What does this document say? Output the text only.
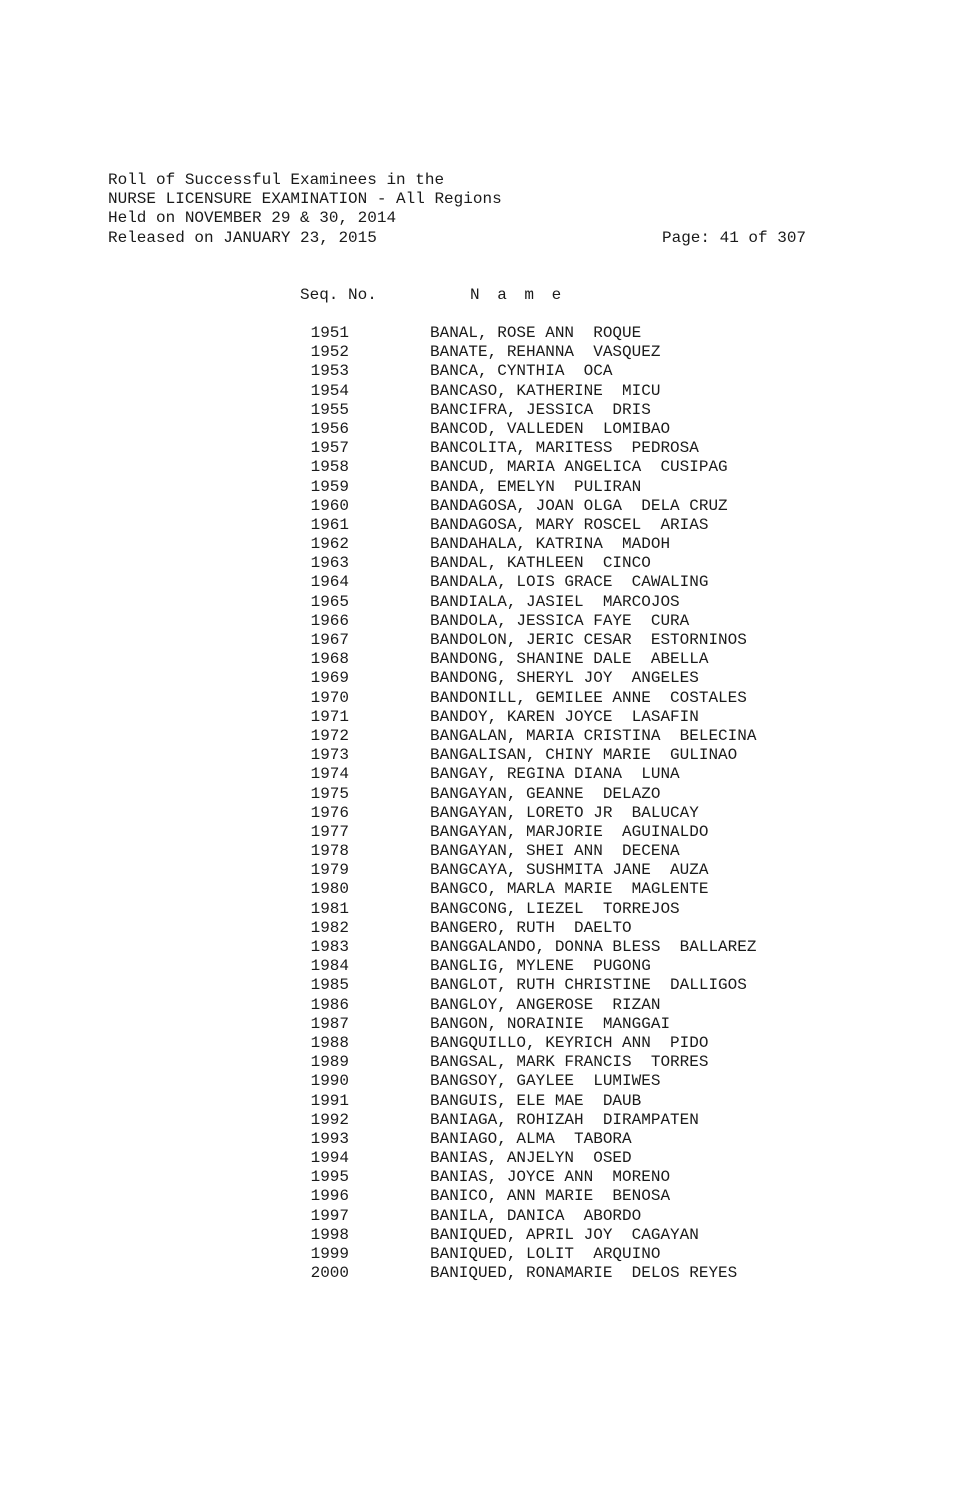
Roll of Successful Examinees in the
NURSE LICENSURE EXAMINATION - All Regions
Held on NOVEMBER 29 & 30, 2014
Released on JANUARY 23, 2015	Page: 41 of 307
Seq. No.	N a m e
1951	BANAL, ROSE ANN  ROQUE
1952	BANATE, REHANNA  VASQUEZ
1953	BANCA, CYNTHIA  OCA
1954	BANCASO, KATHERINE  MICU
1955	BANCIFRA, JESSICA  DRIS
1956	BANCOD, VALLEDEN  LOMIBAO
1957	BANCOLITA, MARITESS  PEDROSA
1958	BANCUD, MARIA ANGELICA  CUSIPAG
1959	BANDA, EMELYN  PULIRAN
1960	BANDAGOSA, JOAN OLGA  DELA CRUZ
1961	BANDAGOSA, MARY ROSCEL  ARIAS
1962	BANDAHALA, KATRINA  MADOH
1963	BANDAL, KATHLEEN  CINCO
1964	BANDALA, LOIS GRACE  CAWALING
1965	BANDIALA, JASIEL  MARCOJOS
1966	BANDOLA, JESSICA FAYE  CURA
1967	BANDOLON, JERIC CESAR  ESTORNINOS
1968	BANDONG, SHANINE DALE  ABELLA
1969	BANDONG, SHERYL JOY  ANGELES
1970	BANDONILL, GEMILEE ANNE  COSTALES
1971	BANDOY, KAREN JOYCE  LASAFIN
1972	BANGALAN, MARIA CRISTINA  BELECINA
1973	BANGALISAN, CHINY MARIE  GULINAO
1974	BANGAY, REGINA DIANA  LUNA
1975	BANGAYAN, GEANNE  DELAZO
1976	BANGAYAN, LORETO JR  BALUCAY
1977	BANGAYAN, MARJORIE  AGUINALDO
1978	BANGAYAN, SHEI ANN  DECENA
1979	BANGCAYA, SUSHMITA JANE  AUZA
1980	BANGCO, MARLA MARIE  MAGLENTE
1981	BANGCONG, LIEZEL  TORREJOS
1982	BANGERO, RUTH  DAELTO
1983	BANGGALANDO, DONNA BLESS  BALLAREZ
1984	BANGLIG, MYLENE  PUGONG
1985	BANGLOT, RUTH CHRISTINE  DALLIGOS
1986	BANGLOY, ANGEROSE  RIZAN
1987	BANGON, NORAINIE  MANGGAI
1988	BANGQUILLO, KEYRICH ANN  PIDO
1989	BANGSAL, MARK FRANCIS  TORRES
1990	BANGSOY, GAYLEE  LUMIWES
1991	BANGUIS, ELE MAE  DAUB
1992	BANIAGA, ROHIZAH  DIRAMPATEN
1993	BANIAGO, ALMA  TABORA
1994	BANIAS, ANJELYN  OSED
1995	BANIAS, JOYCE ANN  MORENO
1996	BANICO, ANN MARIE  BENOSA
1997	BANILA, DANICA  ABORDO
1998	BANIQUED, APRIL JOY  CAGAYAN
1999	BANIQUED, LOLIT  ARQUINO
2000	BANIQUED, RONAMARIE  DELOS REYES
